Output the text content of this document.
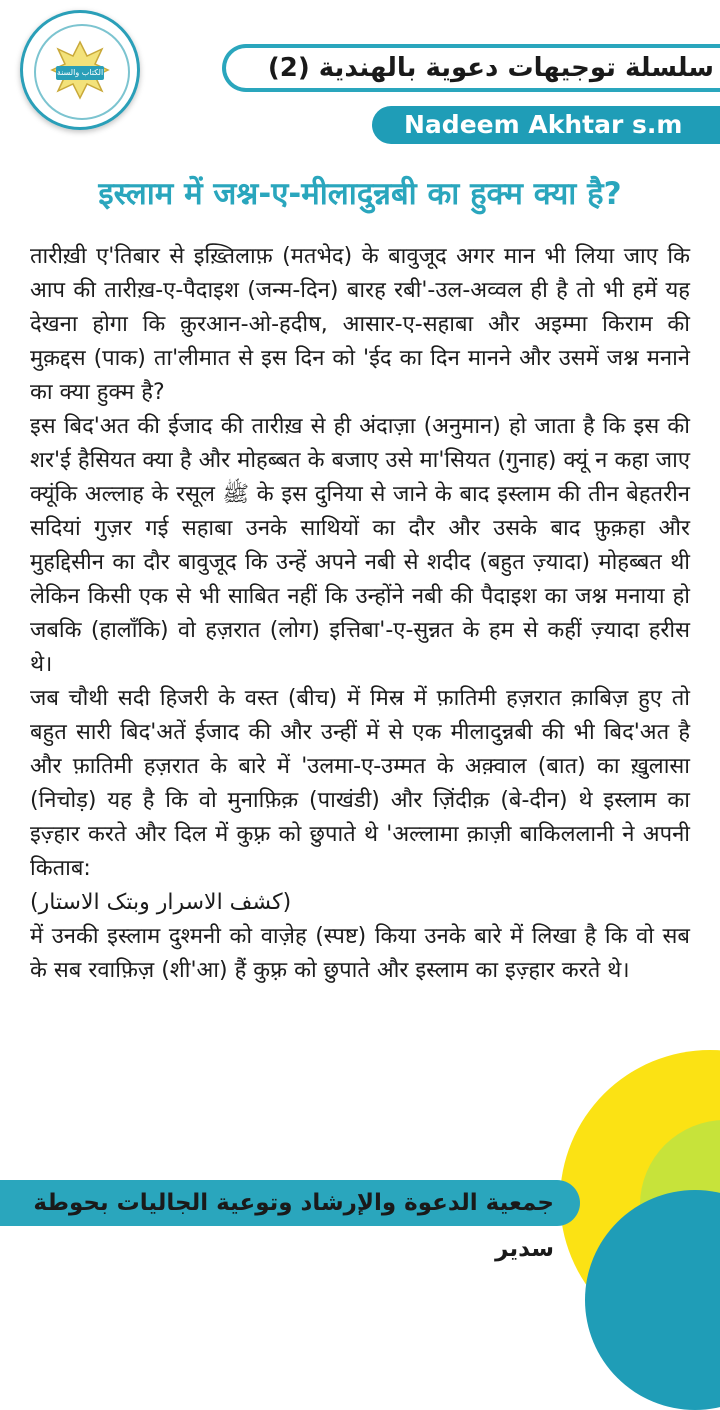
الكتاب والسنة	سلسلة توجيهات دعوية بالهندية (2)
Nadeem Akhtar s.m
इस्लाम में जश्न-ए-मीलादुन्नबी का हुक्म क्या है?

तारीख़ी ए'तिबार से इख़्तिलाफ़ (मतभेद) के बावुजूद अगर मान भी लिया जाए कि आप की तारीख़-ए-पैदाइश (जन्म-दिन) बारह रबी'-उल-अव्वल ही है तो भी हमें यह देखना होगा कि क़ुरआन-ओ-हदीष, आसार-ए-सहाबा और अइम्मा किराम की मुक़द्दस (पाक) ता'लीमात से इस दिन को 'ईद का दिन मानने और उसमें जश्न मनाने का क्या हुक्म है?

इस बिद'अत की ईजाद की तारीख़ से ही अंदाज़ा (अनुमान) हो जाता है कि इस की शर'ई हैसियत क्या है और मोहब्बत के बजाए उसे मा'सियत (गुनाह) क्यूं न कहा जाए क्यूंकि अल्लाह के रसूल ﷺ के इस दुनिया से जाने के बाद इस्लाम की तीन बेहतरीन सदियां गुज़र गई सहाबा उनके साथियों का दौर और उसके बाद फ़ुक़हा और मुहद्दिसीन का दौर बावुजूद कि उन्हें अपने नबी से शदीद (बहुत ज़्यादा) मोहब्बत थी लेकिन किसी एक से भी साबित नहीं कि उन्होंने नबी की पैदाइश का जश्न मनाया हो जबकि (हालाँकि) वो हज़रात (लोग) इत्तिबा'-ए-सुन्नत के हम से कहीं ज़्यादा हरीस थे।

जब चौथी सदी हिजरी के वस्त (बीच) में मिस्र में फ़ातिमी हज़रात क़ाबिज़ हुए तो बहुत सारी बिद'अतें ईजाद की और उन्हीं में से एक मीलादुन्नबी की भी बिद'अत है और फ़ातिमी हज़रात के बारे में 'उलमा-ए-उम्मत के अक़्वाल (बात) का ख़ुलासा (निचोड़) यह है कि वो मुनाफ़िक़ (पाखंडी) और ज़िंदीक़ (बे-दीन) थे इस्लाम का इज़्हार करते और दिल में कुफ़्र को छुपाते थे 'अल्लामा क़ाज़ी बाकिललानी ने अपनी किताब:

(كشف الاسرار وبتک الاستار)

में उनकी इस्लाम दुश्मनी को वाज़ेह (स्पष्ट) किया उनके बारे में लिखा है कि वो सब के सब रवाफ़िज़ (शी'आ) हैं कुफ़्र को छुपाते और इस्लाम का इज़्हार करते थे।

جمعية الدعوة والإرشاد وتوعية الجاليات بحوطة سدير
